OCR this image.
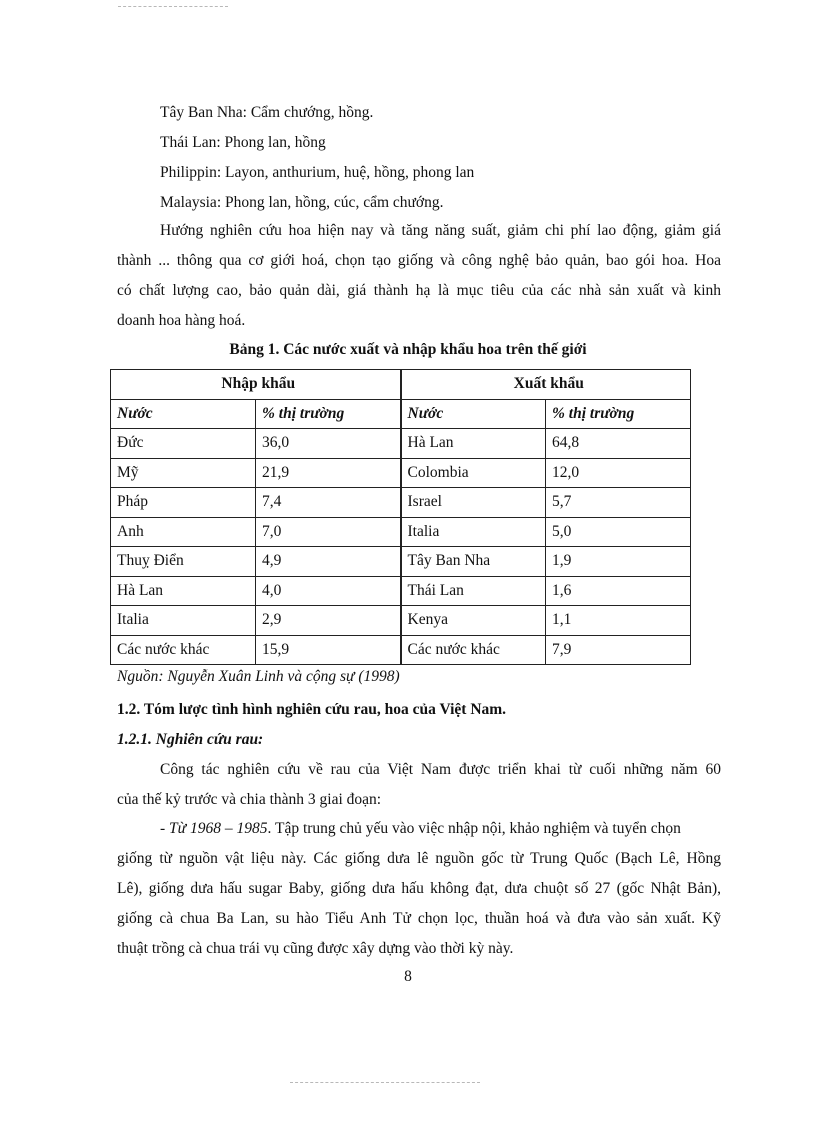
Tây Ban Nha: Cẩm chướng, hồng.
Thái Lan: Phong lan, hồng
Philippin: Layon, anthurium, huệ, hồng, phong lan
Malaysia: Phong lan, hồng, cúc, cẩm chướng.
Hướng nghiên cứu hoa hiện nay và tăng năng suất, giảm chi phí lao động, giảm giá
thành ... thông qua cơ giới hoá, chọn tạo giống và công nghệ bảo quản, bao gói hoa. Hoa
có chất lượng cao, bảo quản dài, giá thành hạ là mục tiêu của các nhà sản xuất và kinh
doanh hoa hàng hoá.
Bảng 1. Các nước xuất và nhập khẩu hoa trên thế giới
Nhập khẩu		Xuất khẩu	
Nước	% thị trường	Nước	% thị trường
Đức	36,0	Hà Lan	64,8
Mỹ	21,9	Colombia	12,0
Pháp	7,4	Israel	5,7
Anh	7,0	Italia	5,0
Thuỵ Điển	4,9	Tây Ban Nha	1,9
Hà Lan	4,0	Thái Lan	1,6
Italia	2,9	Kenya	1,1
Các nước khác	15,9	Các nước khác	7,9
Nguồn: Nguyễn Xuân Linh và cộng sự (1998)
1.2. Tóm lược tình hình nghiên cứu rau, hoa của Việt Nam.
1.2.1. Nghiên cứu rau:
Công tác nghiên cứu về rau của Việt Nam được triển khai từ cuối những năm 60
của thế kỷ trước và chia thành 3 giai đoạn:
- Từ 1968 – 1985. Tập trung chủ yếu vào việc nhập nội, khảo nghiệm và tuyển chọn
giống từ nguồn vật liệu này. Các giống dưa lê nguồn gốc từ Trung Quốc (Bạch Lê, Hồng
Lê), giống dưa hấu sugar Baby, giống dưa hấu không đạt, dưa chuột số 27 (gốc Nhật Bản),
giống cà chua Ba Lan, su hào Tiểu Anh Tử chọn lọc, thuần hoá và đưa vào sản xuất. Kỹ
thuật trồng cà chua trái vụ cũng được xây dựng vào thời kỳ này.
8
